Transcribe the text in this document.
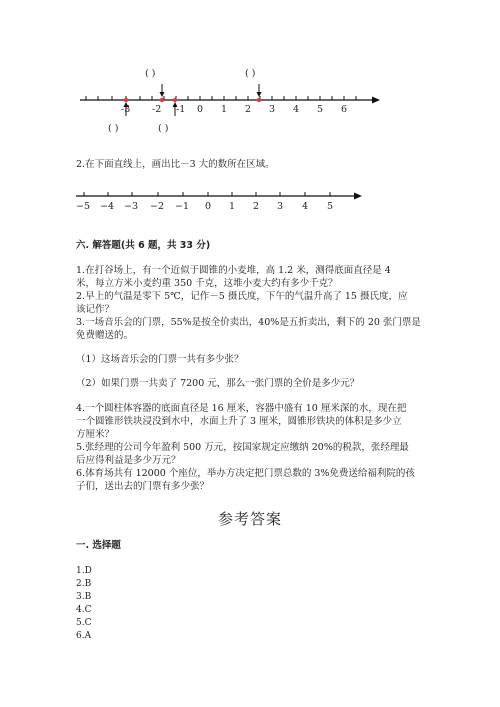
-3 -2 -1 0 1 2 3 4 5 6
( )	( )
( )	( )
2.在下面直线上，画出比－3 大的数所在区域。
−5 −4 −3 −2 −1 0 1 2 3 4 5
六. 解答题(共 6 题，共 33 分)
1.在打谷场上，有一个近似于圆锥的小麦堆，高 1.2 米，测得底面直径是 4
米，每立方米小麦约重 350 千克，这堆小麦大约有多少千克？
2.早上的气温是零下 5℃，记作－5 摄氏度，下午的气温升高了 15 摄氏度，应
该记作？
3.一场音乐会的门票，55%是按全价卖出，40%是五折卖出，剩下的 20 张门票是
免费赠送的。
（1）这场音乐会的门票一共有多少张？
（2）如果门票一共卖了 7200 元，那么一张门票的全价是多少元？
4.一个圆柱体容器的底面直径是 16 厘米，容器中盛有 10 厘米深的水，现在把
一个圆锥形铁块浸没到水中，水面上升了 3 厘米，圆锥形铁块的体积是多少立
方厘米？
5.张经理的公司今年盈利 500 万元，按国家规定应缴纳 20%的税款，张经理最
后应得利益是多少万元？
6.体育场共有 12000 个座位，举办方决定把门票总数的 3%免费送给福利院的孩
子们，送出去的门票有多少张？
参考答案
一. 选择题
1.D
2.B
3.B
4.C
5.C
6.A
